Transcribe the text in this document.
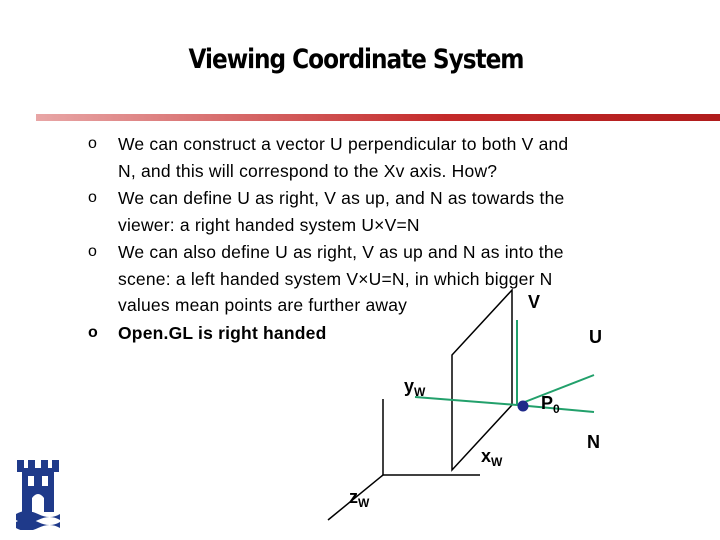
Viewing Coordinate System
o We can construct a vector U perpendicular to both V and
N, and this will correspond to the Xv axis. How?
o We can define U as right, V as up, and N as towards the
viewer: a right handed system U×V=N
o We can also define U as right, V as up and N as into the
scene: a left handed system V×U=N, in which bigger N
values mean points are further away
o Open.GL is right handed
V
U
N
$P_0$
$y_W$
$x_W$
$z_W$
